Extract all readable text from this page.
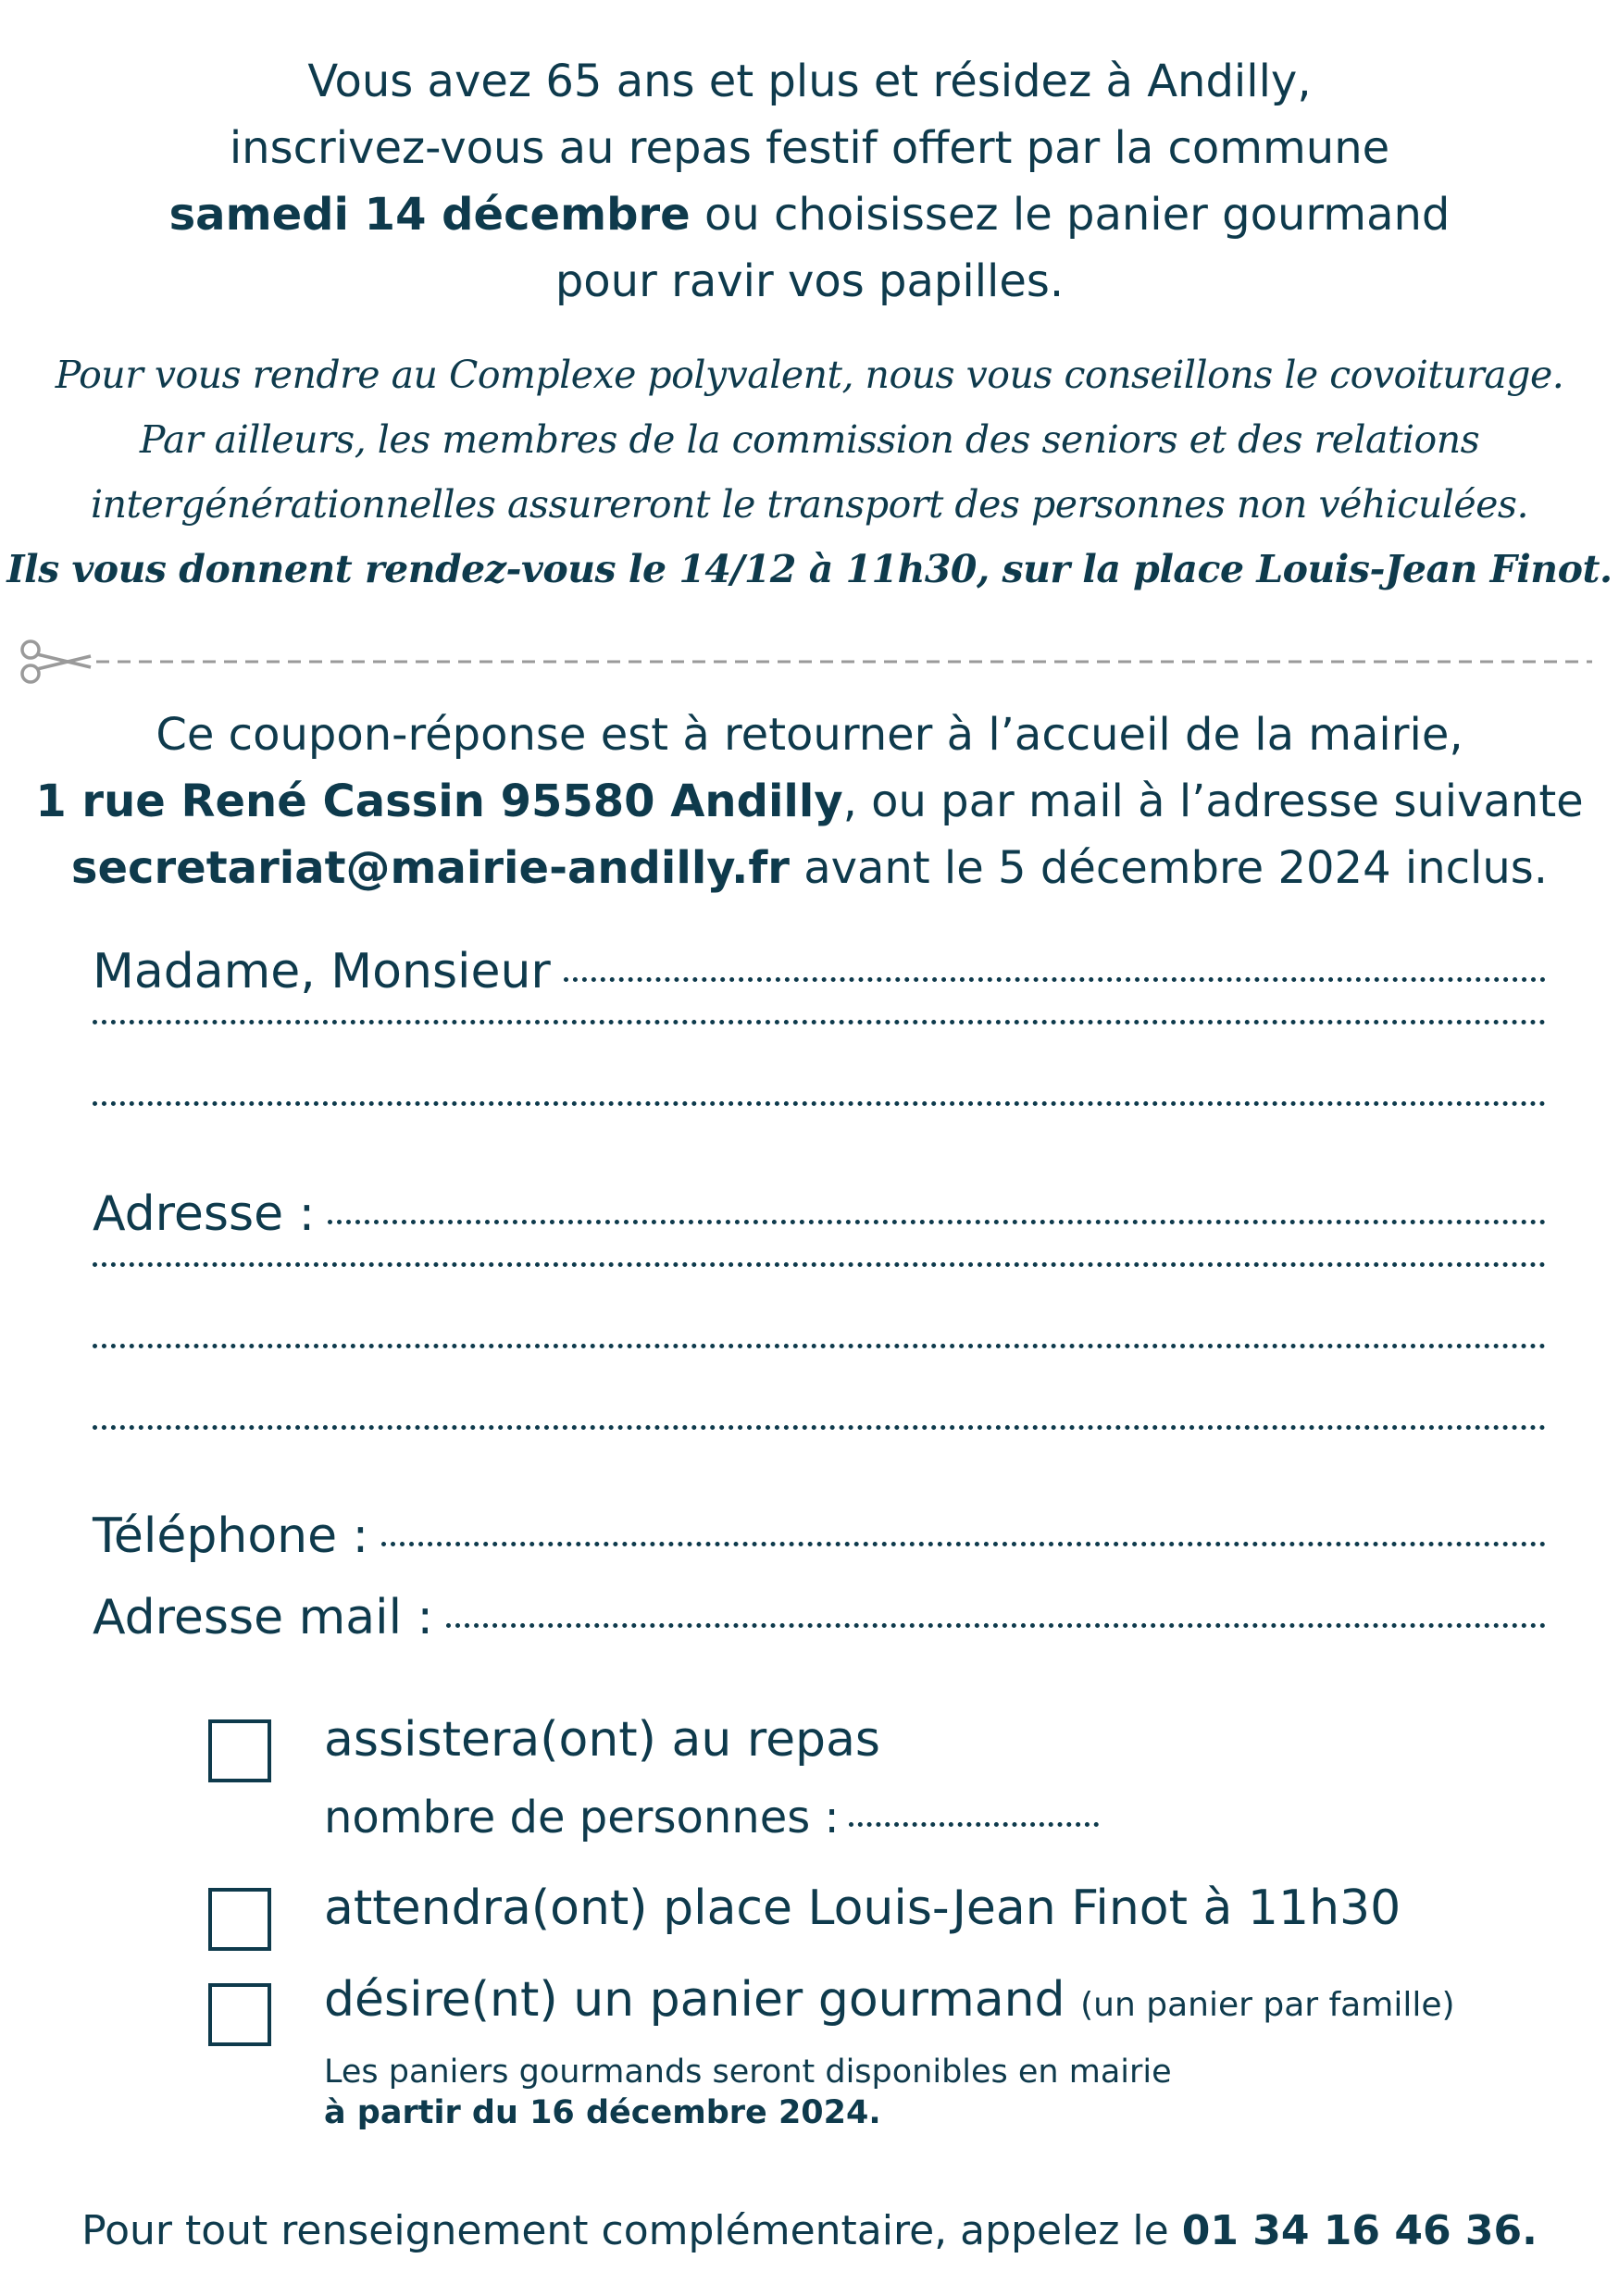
Vous avez 65 ans et plus et résidez à Andilly,
inscrivez-vous au repas festif offert par la commune
samedi 14 décembre ou choisissez le panier gourmand
pour ravir vos papilles.
Pour vous rendre au Complexe polyvalent, nous vous conseillons le covoiturage.
Par ailleurs, les membres de la commission des seniors et des relations
intergénérationnelles assureront le transport des personnes non véhiculées.
Ils vous donnent rendez-vous le 14/12 à 11h30, sur la place Louis-Jean Finot.
Ce coupon-réponse est à retourner à l’accueil de la mairie,
1 rue René Cassin 95580 Andilly, ou par mail à l’adresse suivante
secretariat@mairie-andilly.fr avant le 5 décembre 2024 inclus.
Madame, Monsieur
Adresse :
Téléphone :
Adresse mail :
assistera(ont) au repas
nombre de personnes :
attendra(ont) place Louis-Jean Finot à 11h30
désire(nt) un panier gourmand (un panier par famille)
Les paniers gourmands seront disponibles en mairie
à partir du 16 décembre 2024.
Pour tout renseignement complémentaire, appelez le 01 34 16 46 36.
